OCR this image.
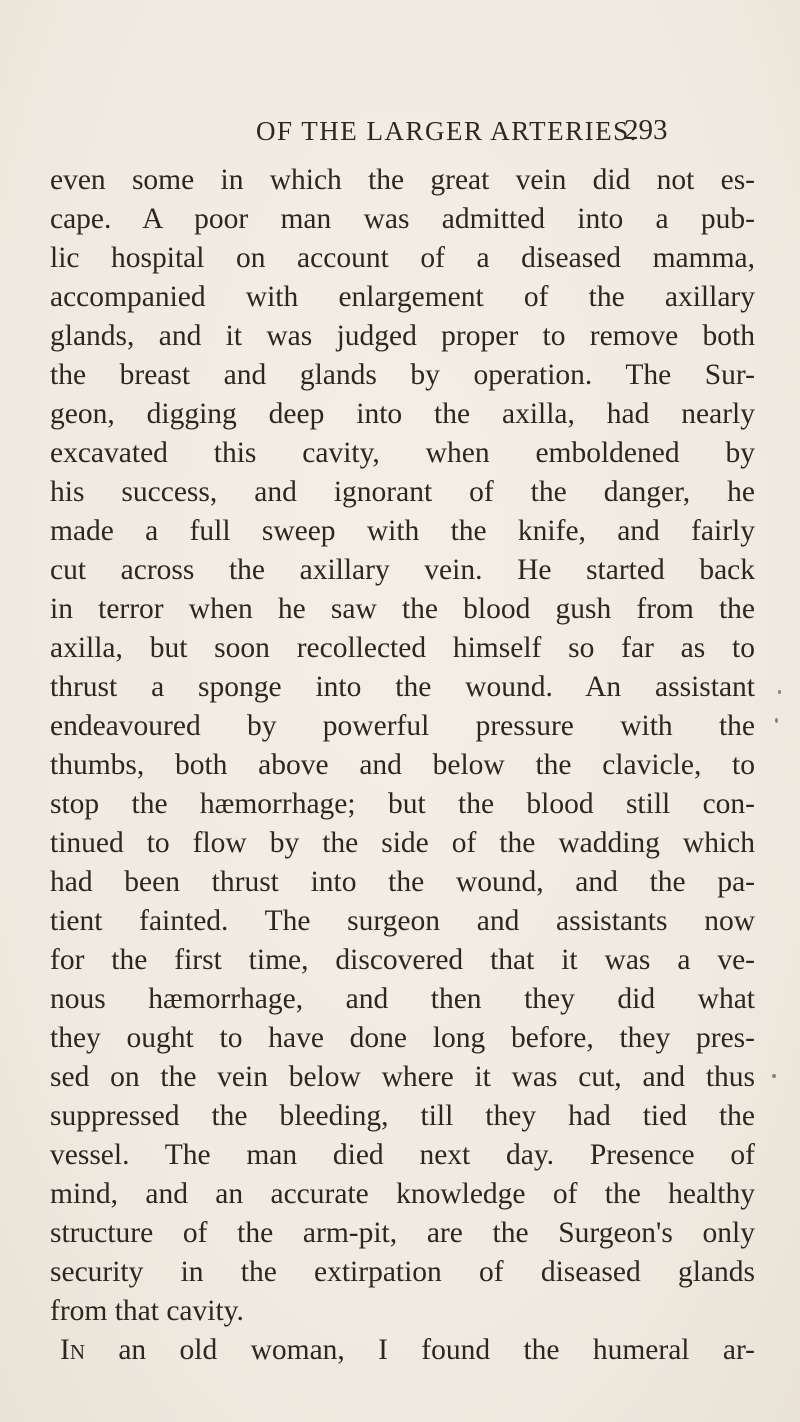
OF THE LARGER ARTERIES.
293
even some in which the great vein did not es-
cape. A poor man was admitted into a pub-
lic hospital on account of a diseased mamma,
accompanied with enlargement of the axillary
glands, and it was judged proper to remove both
the breast and glands by operation. The Sur-
geon, digging deep into the axilla, had nearly
excavated this cavity, when emboldened by
his success, and ignorant of the danger, he
made a full sweep with the knife, and fairly
cut across the axillary vein. He started back
in terror when he saw the blood gush from the
axilla, but soon recollected himself so far as to
thrust a sponge into the wound. An assistant
endeavoured by powerful pressure with the
thumbs, both above and below the clavicle, to
stop the hæmorrhage; but the blood still con-
tinued to flow by the side of the wadding which
had been thrust into the wound, and the pa-
tient fainted. The surgeon and assistants now
for the first time, discovered that it was a ve-
nous hæmorrhage, and then they did what
they ought to have done long before, they pres-
sed on the vein below where it was cut, and thus
suppressed the bleeding, till they had tied the
vessel. The man died next day. Presence of
mind, and an accurate knowledge of the healthy
structure of the arm-pit, are the Surgeon's only
security in the extirpation of diseased glands
from that cavity.
In an old woman, I found the humeral ar-
